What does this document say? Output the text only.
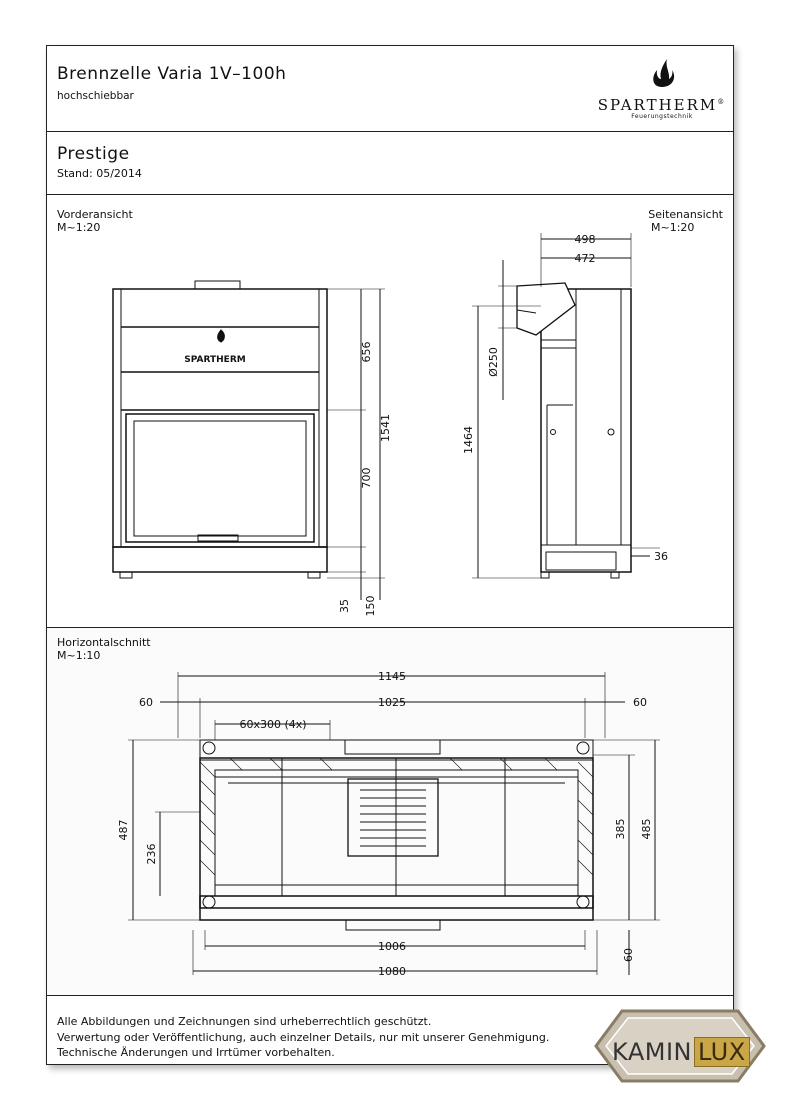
Brennzelle Varia 1V–100h
hochschiebbar
Prestige
Stand: 05/2014
SPARTHERM®
Feuerungstechnik
Vorderansicht
M~1:20
Seitenansicht
M~1:20
Horizontalschnitt
M~1:10
Alle Abbildungen und Zeichnungen sind urheberrechtlich geschützt.
Verwertung oder Veröffentlichung, auch einzelner Details, nur mit unserer Genehmigung.
Technische Änderungen und Irrtümer vorbehalten.
SPARTHERM	656
1541
700
35 150
498
472
Ø250
1464
36
1145
1025
60	60
60x300 (4x)
487
236
385 485
1006
1080
60
KAMIN LUX
